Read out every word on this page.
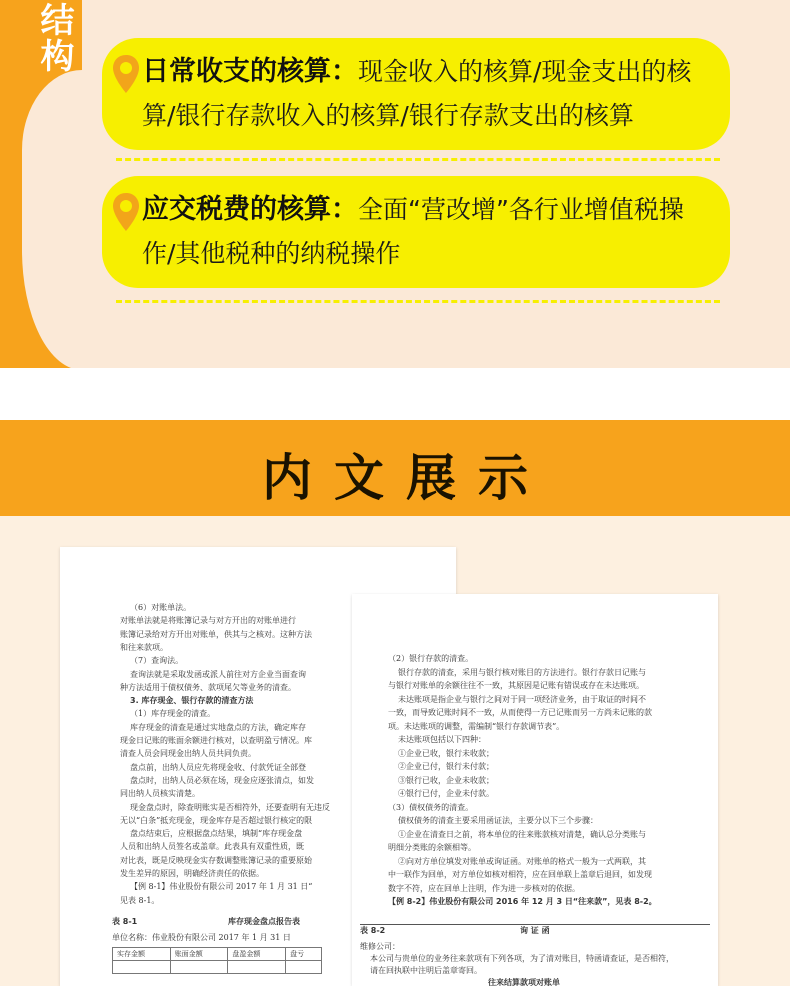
结构	日常收支的核算：现金收入的核算/现金支出的核算/银行存款收入的核算/银行存款支出的核算
应交税费的核算：全面“营改增”各行业增值税操作/其他税种的纳税操作
内文展示
（6）对账单法。
对账单法就是将账簿记录与对方开出的对账单进行
账簿记录给对方开出对账单，供其与之核对。这种方法
和往来款项。
（7）查询法。
查询法就是采取发函或派人前往对方企业当面查询
种方法适用于债权债务、款项尾欠等业务的清查。
3. 库存现金、银行存款的清查方法
（1）库存现金的清查。
库存现金的清查是通过实地盘点的方法，确定库存
现金日记账的账面余额进行核对，以查明盈亏情况。库
清查人员会同现金出纳人员共同负责。
盘点前，出纳人员应先将现金收、付款凭证全部登
盘点时，出纳人员必须在场，现金应逐张清点，如发
同出纳人员核实清楚。
现金盘点时，除查明账实是否相符外，还要查明有无违反
无以“白条”抵充现金，现金库存是否超过银行核定的限
盘点结束后，应根据盘点结果，填制“库存现金盘
人员和出纳人员签名或盖章。此表具有双重性质，既
对比表，既是反映现金实存数调整账簿记录的重要原始
发生差异的原因，明确经济责任的依据。
【例 8-1】伟业股份有限公司 2017 年 1 月 31 日“
见表 8-1。
表 8-1	库存现金盘点报告表
单位名称：伟业股份有限公司 2017 年 1 月 31 日
实存金额	账面金额	盘盈金额	盘亏

（2）银行存款的清查。
银行存款的清查，采用与银行核对账目的方法进行。银行存款日记账与
与银行对账单的余额往往不一致，其原因是记账有错误或存在未达账项。
未达账项是指企业与银行之间对于同一项经济业务，由于取证的时间不
一致，而导致记账时间不一致，从而使得一方已记账而另一方尚未记账的款
项。未达账项的调整，需编制“银行存款调节表”。
未达账项包括以下四种：
①企业已收，银行未收款；
②企业已付，银行未付款；
③银行已收，企业未收款；
④银行已付，企业未付款。
（3）债权债务的清查。
债权债务的清查主要采用函证法，主要分以下三个步骤：
①企业在清查日之前，将本单位的往来账款核对清楚，确认总分类账与
明细分类账的余额相等。
②向对方单位填发对账单或询证函。对账单的格式一般为一式两联，其
中一联作为回单，对方单位如核对相符，应在回单联上盖章后退回，如发现
数字不符，应在回单上注明，作为进一步核对的依据。
【例 8-2】伟业股份有限公司 2016 年 12 月 3 日“往来款”，见表 8-2。
表 8-2	询 证 函
维修公司：
本公司与贵单位的业务往来款项有下列各项，为了清对账目，特函请查证，是否相符，
请在回执联中注明后盖章寄回。
往来结算款项对账单
